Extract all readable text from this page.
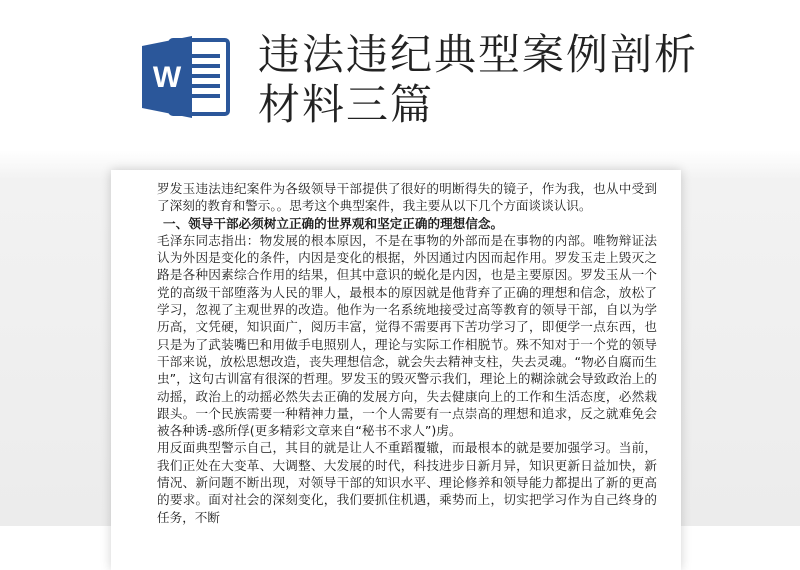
W 违法违纪典型案例剖析材料三篇

罗发玉违法违纪案件为各级领导干部提供了很好的明断得失的镜子，作为我，也从中受到了深刻的教育和警示。。思考这个典型案件，我主要从以下几个方面谈谈认识。

一、领导干部必须树立正确的世界观和坚定正确的理想信念。

毛泽东同志指出：物发展的根本原因，不是在事物的外部而是在事物的内部。唯物辩证法认为外因是变化的条件，内因是变化的根据，外因通过内因而起作用。罗发玉走上毁灭之路是各种因素综合作用的结果，但其中意识的蜕化是内因，也是主要原因。罗发玉从一个党的高级干部堕落为人民的罪人，最根本的原因就是他背弃了正确的理想和信念，放松了学习，忽视了主观世界的改造。他作为一名系统地接受过高等教育的领导干部，自以为学历高，文凭硬，知识面广，阅历丰富，觉得不需要再下苦功学习了，即便学一点东西，也只是为了武装嘴巴和用做手电照别人，理论与实际工作相脱节。殊不知对于一个党的领导干部来说，放松思想改造，丧失理想信念，就会失去精神支柱，失去灵魂。“物必自腐而生虫”，这句古训富有很深的哲理。罗发玉的毁灭警示我们，理论上的糊涂就会导致政治上的动摇，政治上的动摇必然失去正确的发展方向，失去健康向上的工作和生活态度，必然栽跟头。一个民族需要一种精神力量，一个人需要有一点崇高的理想和追求，反之就难免会被各种诱-惑所俘(更多精彩文章来自“秘书不求人”)虏。

用反面典型警示自己，其目的就是让人不重蹈覆辙，而最根本的就是要加强学习。当前，我们正处在大变革、大调整、大发展的时代，科技进步日新月异，知识更新日益加快，新情况、新问题不断出现，对领导干部的知识水平、理论修养和领导能力都提出了新的更高的要求。面对社会的深刻变化，我们要抓住机遇，乘势而上，切实把学习作为自己终身的任务，不断
